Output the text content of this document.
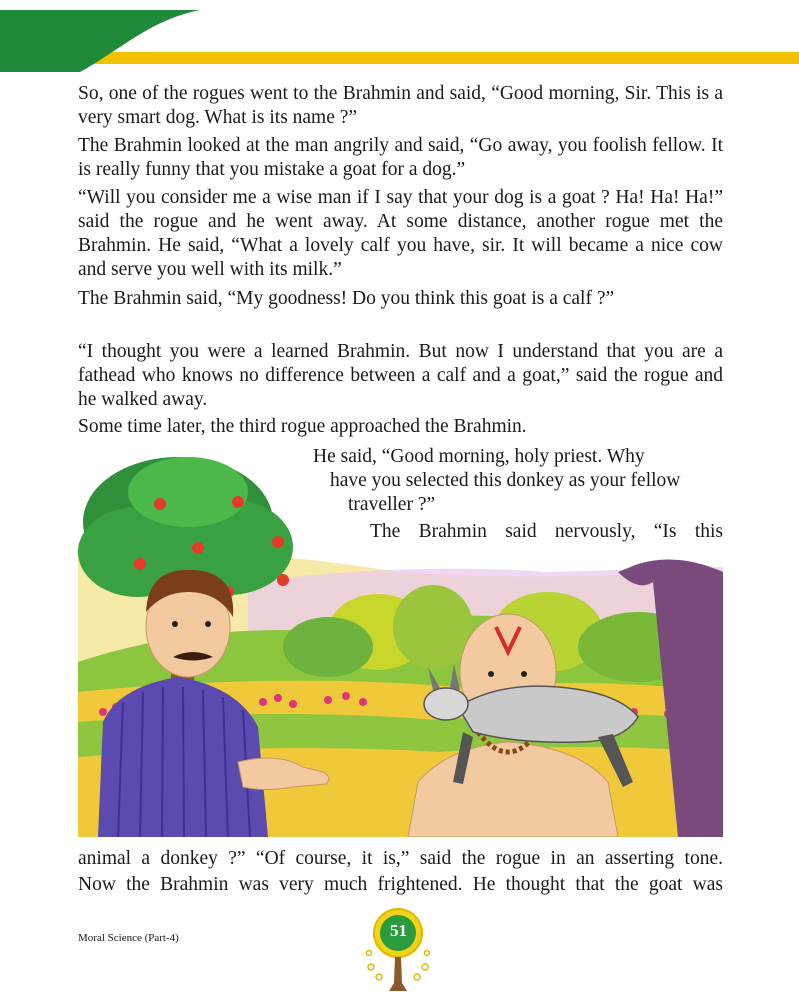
So, one of the rogues went to the Brahmin and said, “Good morning, Sir. This is a very smart dog. What is its name ?”

The Brahmin looked at the man angrily and said, “Go away, you foolish fellow. It is really funny that you mistake a goat for a dog.”

“Will you consider me a wise man if I say that your dog is a goat ? Ha! Ha! Ha!” said the rogue and he went away. At some distance, another rogue met the Brahmin. He said, “What a lovely calf you have, sir. It will became a nice cow and serve you well with its milk.”

The Brahmin said, “My goodness! Do you think this goat is a calf ?”

“I thought you were a learned Brahmin. But now I understand that you are a fathead who knows no difference between a calf and a goat,” said the rogue and he walked away.

Some time later, the third rogue approached the Brahmin.

He said, “Good morning, holy priest. Why

have you selected this donkey as your fellow

traveller ?”

The Brahmin said nervously, “Is this

animal a donkey ?” “Of course, it is,” said the rogue in an asserting tone.

Now the Brahmin was very much frightened. He thought that the goat was

Moral Science (Part-4)	51
